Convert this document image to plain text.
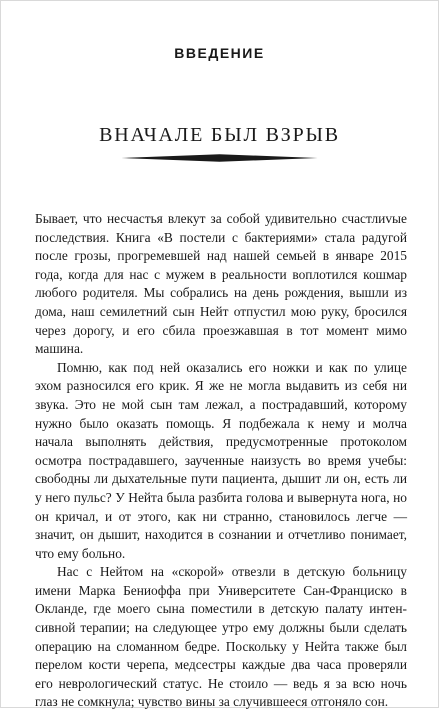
ВВЕДЕНИЕ
ВНАЧАЛЕ БЫЛ ВЗРЫВ

Бывает, что несчастья влекут за собой удивительно счастлиvые последствия. Книга «В постели с бактериями» стала радугой после грозы, прогремевшей над нашей семьей в январе 2015 года, когда для нас с мужем в реальности воплотился кошмар любого родителя. Мы собрались на день рождения, вышли из дома, наш семилетний сын Нейт отпустил мою руку, бросился через дорогу, и его сбила проезжавшая в тот момент мимо машина.

Помню, как под ней оказались его ножки и как по улице эхом разносился его крик. Я же не могла выдавить из себя ни звука. Это не мой сын там лежал, а пострадавший, которому нужно было оказать помощь. Я подбежала к нему и молча начала выполнять действия, предусмотренные протоколом осмотра пострадавшего, заученные наизусть во время учебы: свободны ли дыхательные пути пациента, дышит ли он, есть ли у него пульс? У Нейта была разбита голова и вывернута нога, но он кричал, и от этого, как ни странно, становилось легче — значит, он дышит, находится в сознании и отчетливо понимает, что ему больно.

Нас с Нейтом на «скорой» отвезли в детскую больницу имени Марка Бениоффа при Университете Сан-Франциско в Окланде, где моего сына поместили в детскую палату интенсивной терапии; на следующее утро ему должны были сделать операцию на сломанном бедре. Поскольку у Нейта также был перелом кости черепа, медсестры каждые два часа проверяли его неврологический статус. Не стоило — ведь я за всю ночь глаз не сомкнула; чувство вины за случившееся отгоняло сон.
